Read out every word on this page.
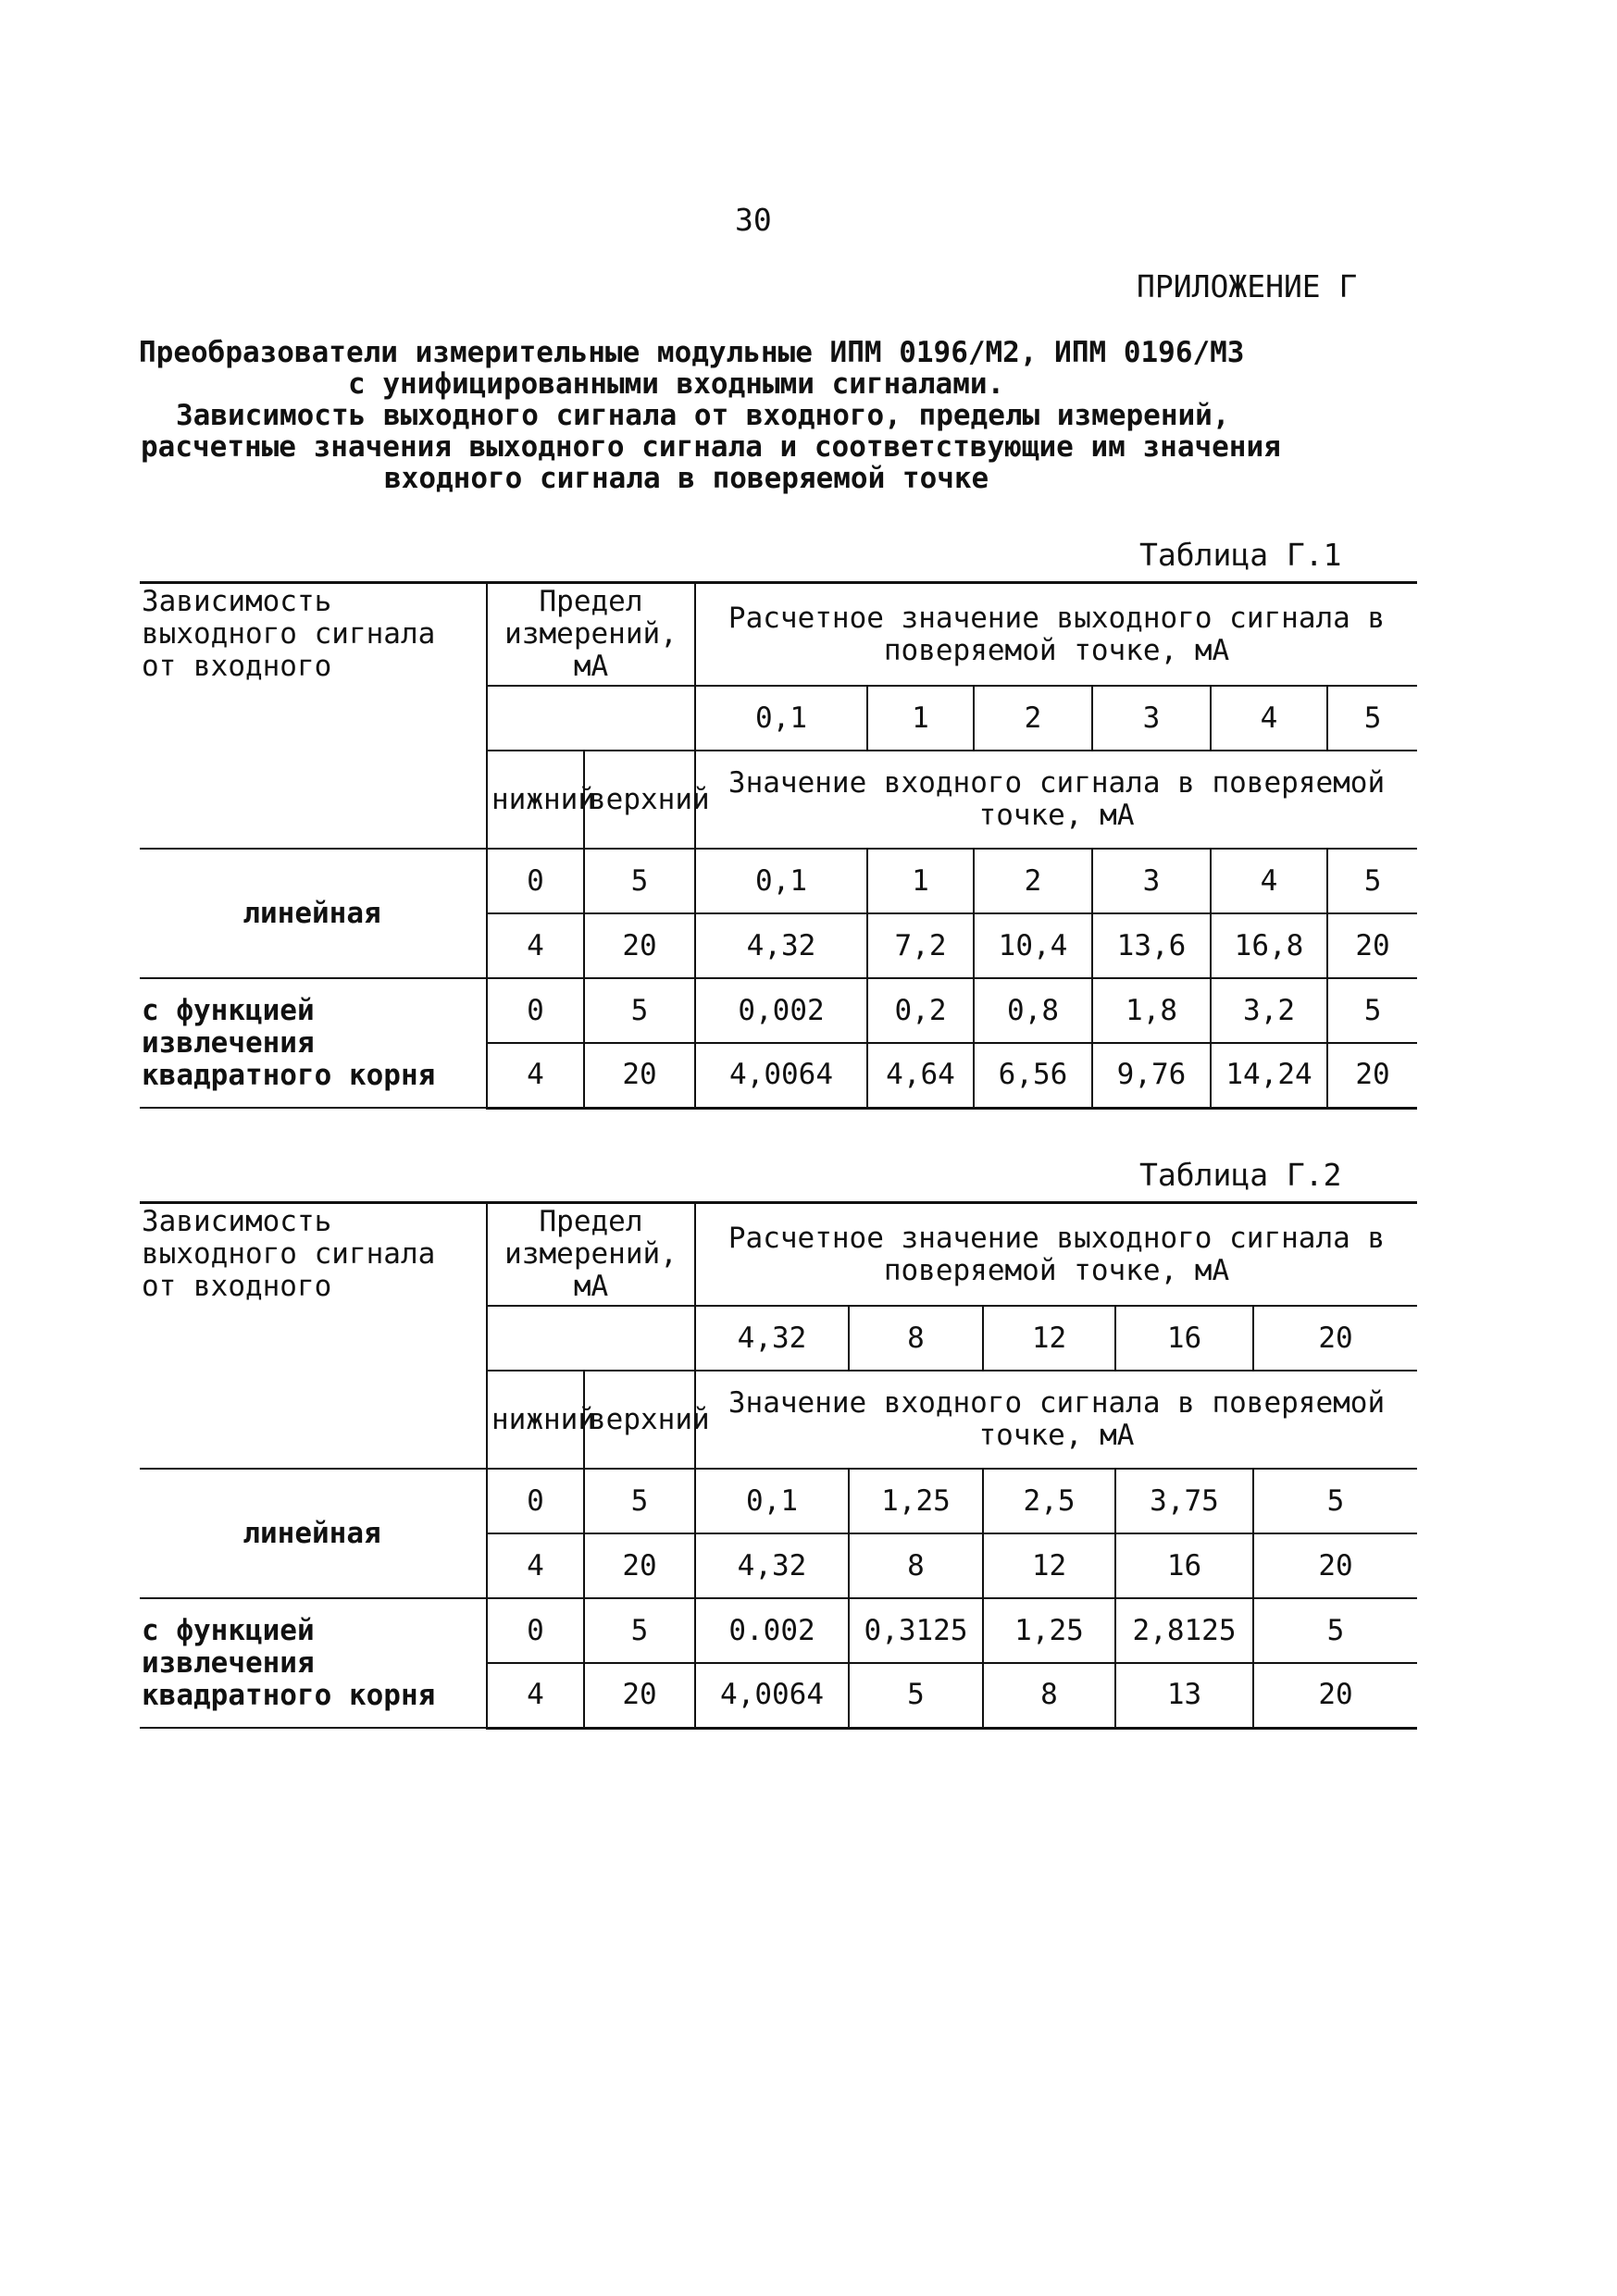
30
ПРИЛОЖЕНИЕ Г
Преобразователи измерительные модульные ИПМ 0196/М2, ИПМ 0196/М3
с унифицированными входными сигналами.
Зависимость выходного сигнала от входного, пределы измерений,
расчетные значения выходного сигнала и соответствующие им значения
входного сигнала в поверяемой точке
Таблица Г.1
Зависимость выходного сигнала от входного	Предел измерений, мА		Расчетное значение выходного сигнала в поверяемой точке, мА					
			0,1	1	2	3	4	5
	нижний	верхний	Значение входного сигнала в поверяемой точке, мА					
линейная	0	5	0,1	1	2	3	4	5
	4	20	4,32	7,2	10,4	13,6	16,8	20
с функцией извлечения квадратного корня	0	5	0,002	0,2	0,8	1,8	3,2	5
	4	20	4,0064	4,64	6,56	9,76	14,24	20
Таблица Г.2
Зависимость выходного сигнала от входного	Предел измерений, мА		Расчетное значение выходного сигнала в поверяемой точке, мА				
			4,32	8	12	16	20
	нижний	верхний	Значение входного сигнала в поверяемой точке, мА				
линейная	0	5	0,1	1,25	2,5	3,75	5
	4	20	4,32	8	12	16	20
с функцией извлечения квадратного корня	0	5	0.002	0,3125	1,25	2,8125	5
	4	20	4,0064	5	8	13	20
